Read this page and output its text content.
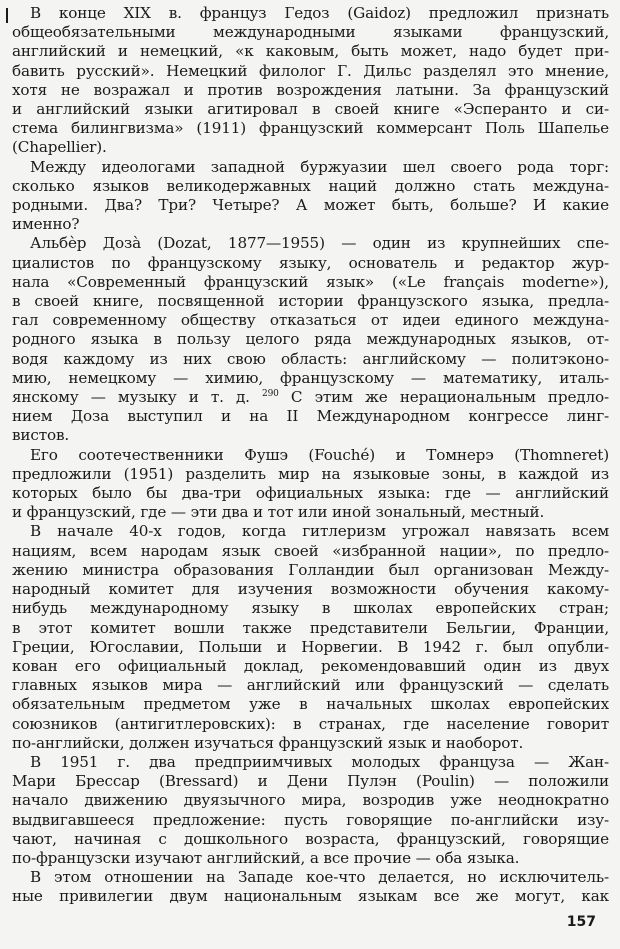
В конце XIX в. француз Гедоз (Gaidoz) предложил признать
общеобязательными международными языками французский,
английский и немецкий, «к каковым, быть может, надо будет при-
бавить русский». Немецкий филолог Г. Дильс разделял это мнение,
хотя не возражал и против возрождения латыни. За французский
и английский языки агитировал в своей книге «Эсперанто и си-
стема билингвизма» (1911) французский коммерсант Поль Шапелье
(Chapellier).
Между идеологами западной буржуазии шел своего рода торг:
сколько языков великодержавных наций должно стать междуна-
родными. Два? Три? Четыре? А может быть, больше? И какие
именно?
Альбѐр Дозà (Dozat, 1877—1955) — один из крупнейших спе-
циалистов по французскому языку, основатель и редактор жур-
нала «Современный французский язык» («Le français moderne»),
в своей книге, посвященной истории французского языка, предла-
гал современному обществу отказаться от идеи единого междуна-
родного языка в пользу целого ряда международных языков, от-
водя каждому из них свою область: английскому — политэконо-
мию, немецкому — химию, французскому — математику, италь-
янскому — музыку и т. д. $^{290}$ С этим же нерациональным предло-
нием Доза выступил и на II Международном конгрессе линг-
вистов.
Его соотечественники Фушэ (Fouché) и Томнерэ (Thomneret)
предложили (1951) разделить мир на языковые зоны, в каждой из
которых было бы два-три официальных языка: где — английский
и французский, где — эти два и тот или иной зональный, местный.
В начале 40-х годов, когда гитлеризм угрожал навязать всем
нациям, всем народам язык своей «избранной нации», по предло-
жению министра образования Голландии был организован Между-
народный комитет для изучения возможности обучения какому-
нибудь международному языку в школах европейских стран;
в этот комитет вошли также представители Бельгии, Франции,
Греции, Югославии, Польши и Норвегии. В 1942 г. был опубли-
кован его официальный доклад, рекомендовавший один из двух
главных языков мира — английский или французский — сделать
обязательным предметом уже в начальных школах европейских
союзников (антигитлеровских): в странах, где население говорит
по-английски, должен изучаться французский язык и наоборот.
В 1951 г. два предприимчивых молодых француза — Жан-
Мари Брессар (Bressard) и Дени Пулэн (Poulin) — положили
начало движению двуязычного мира, возродив уже неоднократно
выдвигавшееся предложение: пусть говорящие по-английски изу-
чают, начиная с дошкольного возраста, французский, говорящие
по-французски изучают английский, а все прочие — оба языка.
В этом отношении на Западе кое-что делается, но исключитель-
ные привилегии двум национальным языкам все же могут, как
157
